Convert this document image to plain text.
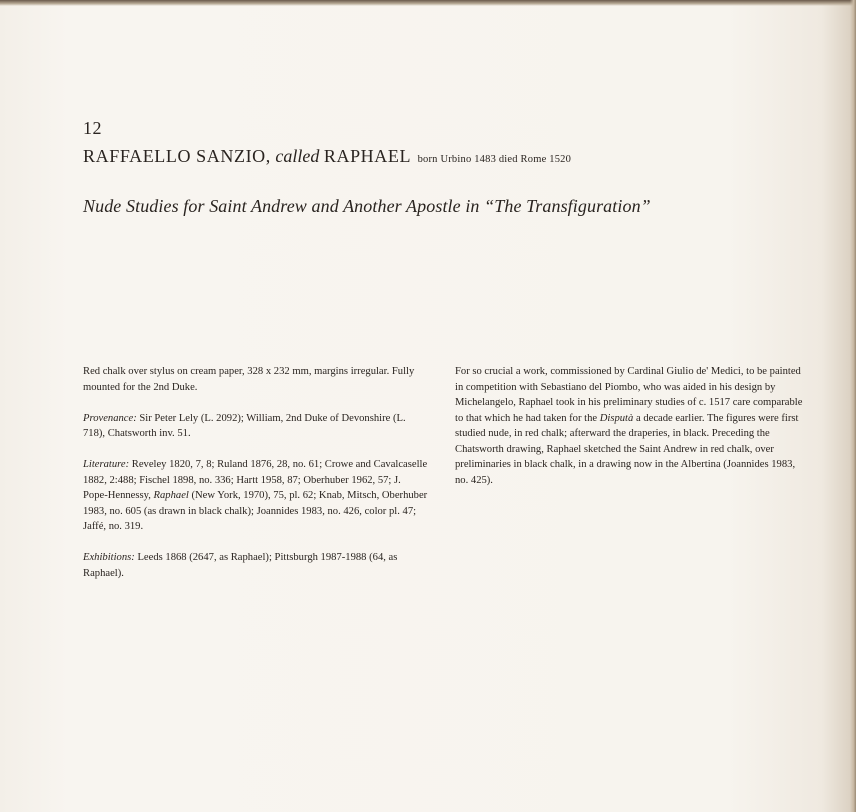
12
RAFFAELLO SANZIO, called RAPHAEL born Urbino 1483 died Rome 1520
Nude Studies for Saint Andrew and Another Apostle in “The Transfiguration”

Red chalk over stylus on cream paper, 328 x 232 mm, margins irregular. Fully mounted for the 2nd Duke.

Provenance: Sir Peter Lely (L. 2092); William, 2nd Duke of Devonshire (L. 718), Chatsworth inv. 51.

Literature: Reveley 1820, 7, 8; Ruland 1876, 28, no. 61; Crowe and Cavalcaselle 1882, 2:488; Fischel 1898, no. 336; Hartt 1958, 87; Oberhuber 1962, 57; J. Pope-Hennessy, Raphael (New York, 1970), 75, pl. 62; Knab, Mitsch, Oberhuber 1983, no. 605 (as drawn in black chalk); Joannides 1983, no. 426, color pl. 47; Jaffé, no. 319.

Exhibitions: Leeds 1868 (2647, as Raphael); Pittsburgh 1987-1988 (64, as Raphael).

For so crucial a work, commissioned by Cardinal Giulio de' Medici, to be painted in competition with Sebastiano del Piombo, who was aided in his design by Michelangelo, Raphael took in his preliminary studies of c. 1517 care comparable to that which he had taken for the Disputà a decade earlier. The figures were first studied nude, in red chalk; afterward the draperies, in black. Preceding the Chatsworth drawing, Raphael sketched the Saint Andrew in red chalk, over preliminaries in black chalk, in a drawing now in the Albertina (Joannides 1983, no. 425).
